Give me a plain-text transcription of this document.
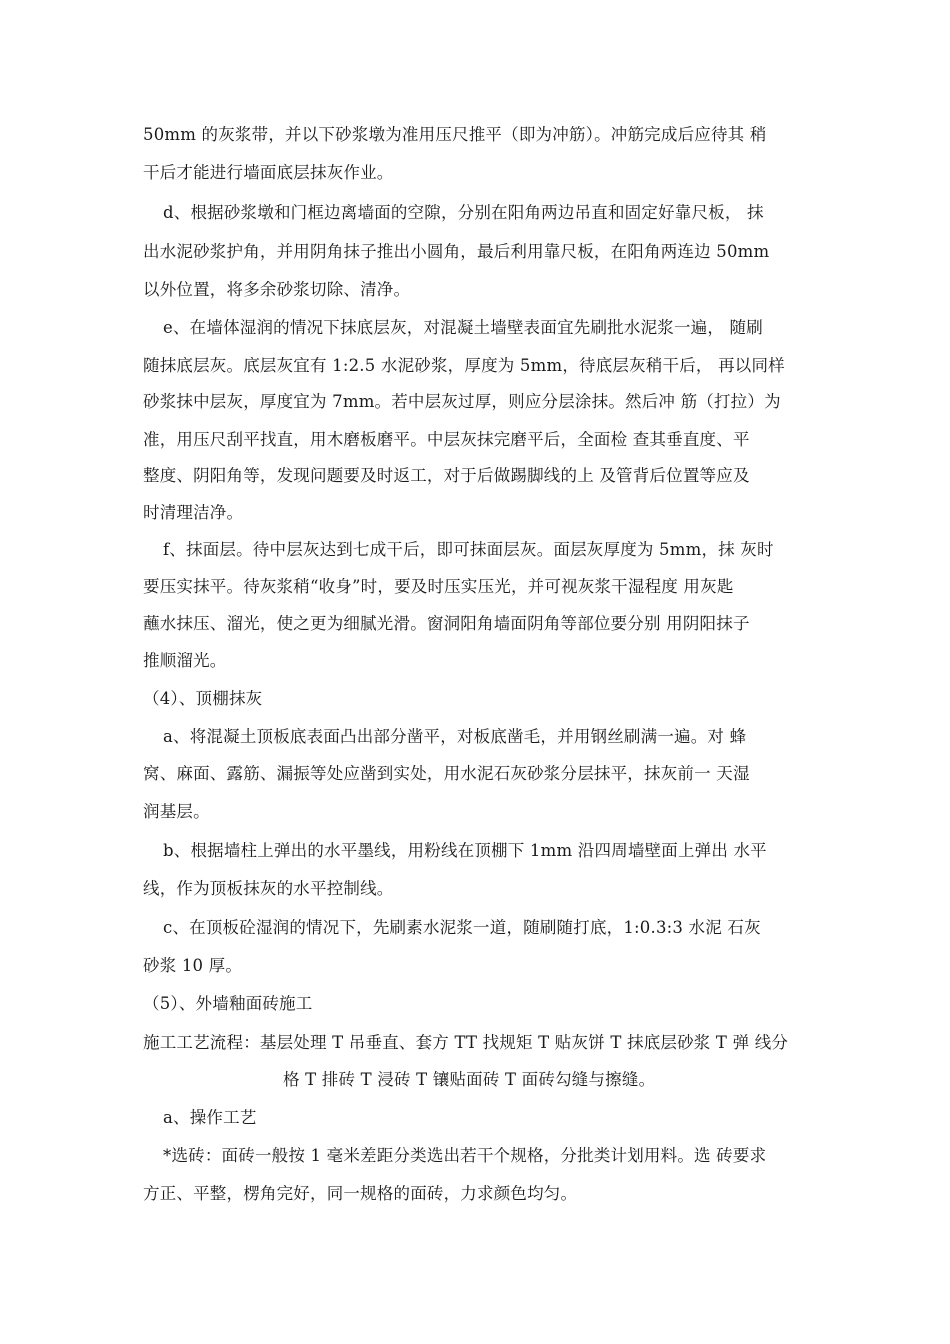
50mm 的灰浆带，并以下砂浆墩为准用压尺推平（即为冲筋）。冲筋完成后应待其 稍
干后才能进行墙面底层抹灰作业。
d、根据砂浆墩和门框边离墙面的空隙，分别在阳角两边吊直和固定好靠尺板， 抹
出水泥砂浆护角，并用阴角抹子推出小圆角，最后利用靠尺板，在阳角两连边 50mm
以外位置，将多余砂浆切除、清净。
e、在墙体湿润的情况下抹底层灰，对混凝土墙壁表面宜先刷批水泥浆一遍， 随刷
随抹底层灰。底层灰宜有 1:2.5 水泥砂浆，厚度为 5mm，待底层灰稍干后， 再以同样
砂浆抹中层灰，厚度宜为 7mm。若中层灰过厚，则应分层涂抹。然后冲 筋（打拉）为
准，用压尺刮平找直，用木磨板磨平。中层灰抹完磨平后，全面检 查其垂直度、平
整度、阴阳角等，发现问题要及时返工，对于后做踢脚线的上 及管背后位置等应及
时清理洁净。
f、抹面层。待中层灰达到七成干后，即可抹面层灰。面层灰厚度为 5mm，抹 灰时
要压实抹平。待灰浆稍“收身”时，要及时压实压光，并可视灰浆干湿程度 用灰匙
蘸水抹压、溜光，使之更为细腻光滑。窗洞阳角墙面阴角等部位要分别 用阴阳抹子
推顺溜光。
（4）、顶棚抹灰
a、将混凝土顶板底表面凸出部分凿平，对板底凿毛，并用钢丝刷满一遍。对 蜂
窝、麻面、露筋、漏振等处应凿到实处，用水泥石灰砂浆分层抹平，抹灰前一 天湿
润基层。
b、根据墙柱上弹出的水平墨线，用粉线在顶棚下 1mm 沿四周墙壁面上弹出 水平
线，作为顶板抹灰的水平控制线。
c、在顶板砼湿润的情况下，先刷素水泥浆一道，随刷随打底，1:0.3:3 水泥 石灰
砂浆 10 厚。
（5）、外墙釉面砖施工
施工工艺流程：基层处理 T 吊垂直、套方 TT 找规矩 T 贴灰饼 T 抹底层砂浆 T 弹 线分
格 T 排砖 T 浸砖 T 镶贴面砖 T 面砖勾缝与擦缝。
a、操作工艺
*选砖：面砖一般按 1 毫米差距分类选出若干个规格，分批类计划用料。选 砖要求
方正、平整，楞角完好，同一规格的面砖，力求颜色均匀。
